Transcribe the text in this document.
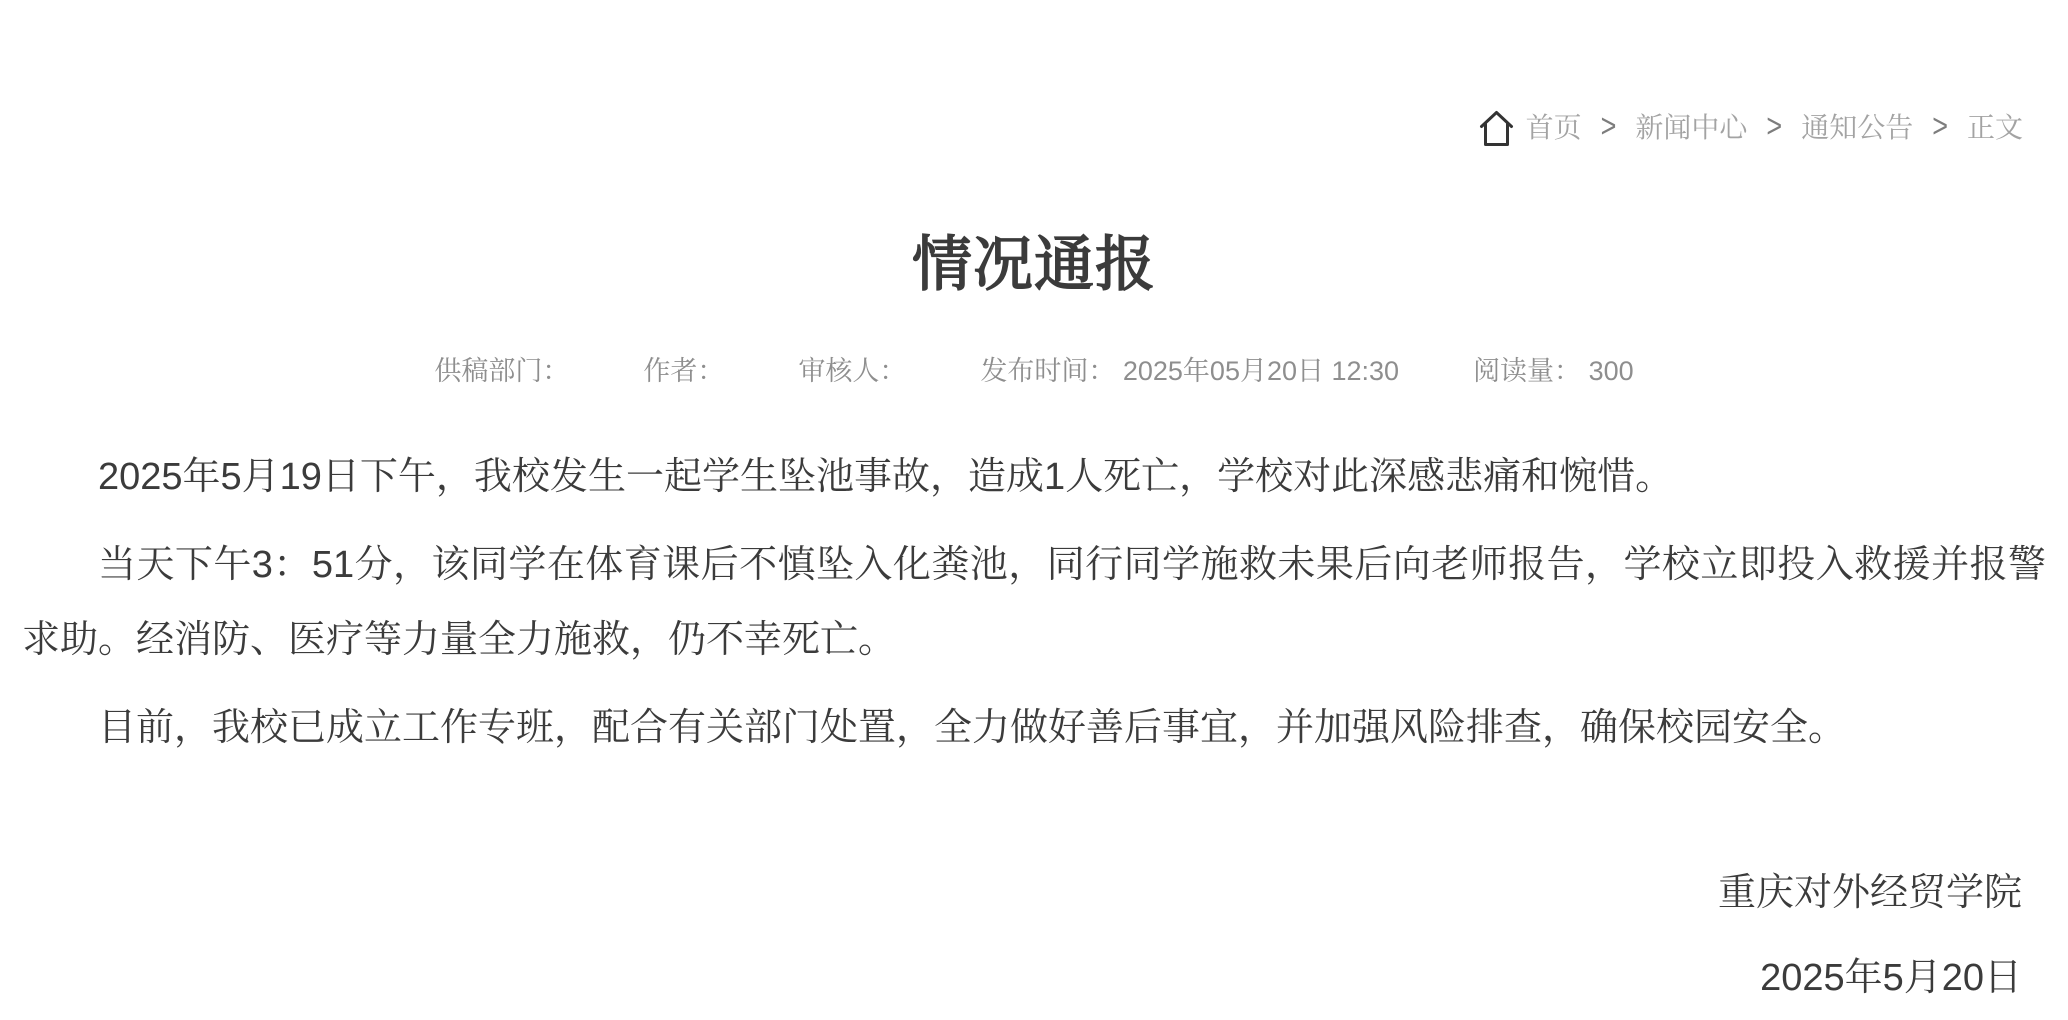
首页 > 新闻中心 > 通知公告 > 正文
情况通报
供稿部门：	作者：	审核人：	发布时间： 2025年05月20日 12:30	阅读量： 300

2025年5月19日下午，我校发生一起学生坠池事故，造成1人死亡，学校对此深感悲痛和惋惜。

当天下午3：51分，该同学在体育课后不慎坠入化粪池，同行同学施救未果后向老师报告，学校立即投入救援并报警求助。经消防、医疗等力量全力施救，仍不幸死亡。

目前，我校已成立工作专班，配合有关部门处置，全力做好善后事宜，并加强风险排查，确保校园安全。

重庆对外经贸学院

2025年5月20日
